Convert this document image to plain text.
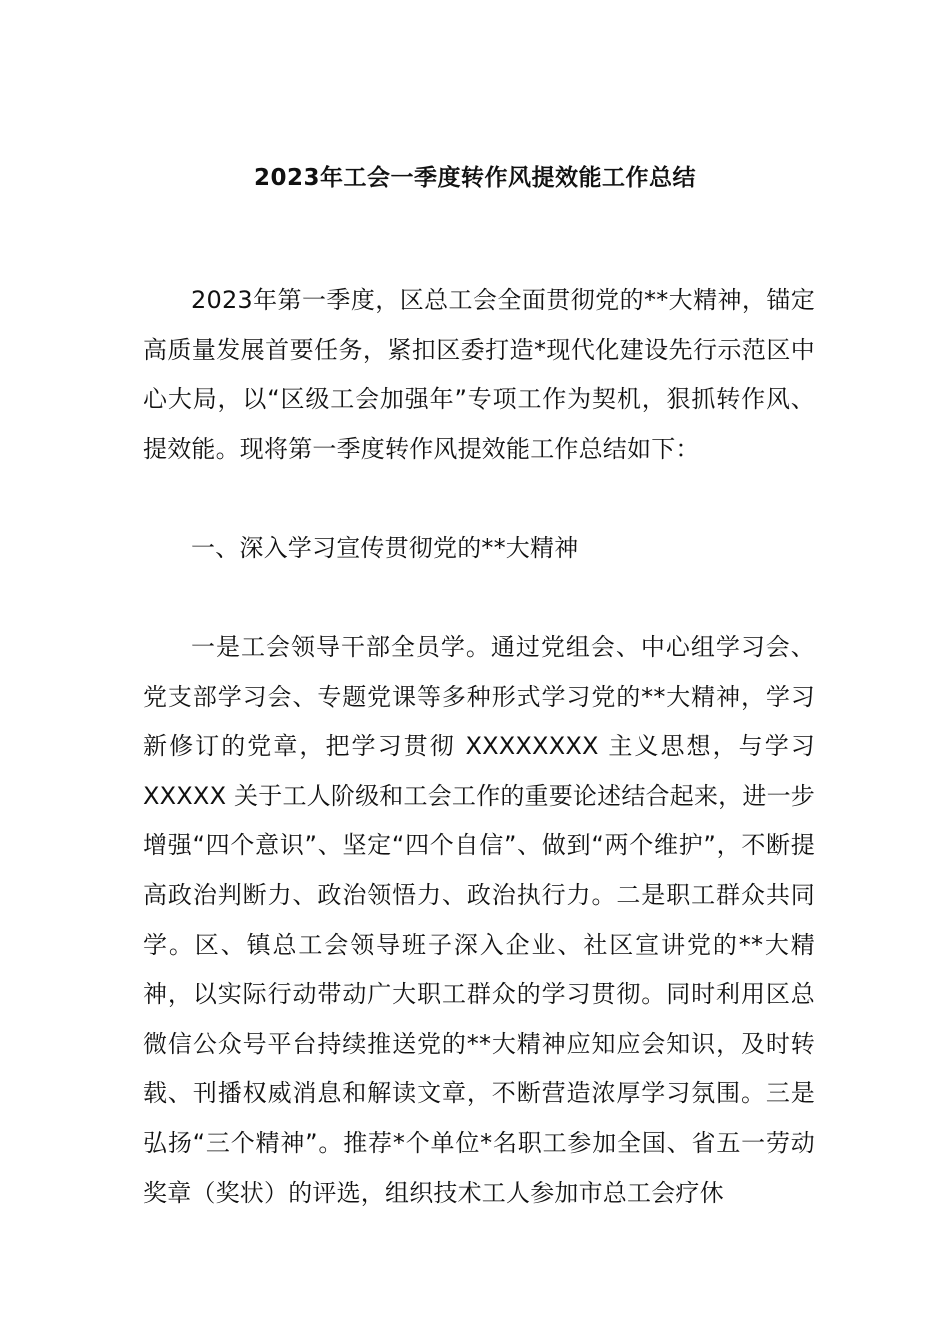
2023年工会一季度转作风提效能工作总结

2023年第一季度，区总工会全面贯彻党的**大精神，锚定高质量发展首要任务，紧扣区委打造*现代化建设先行示范区中心大局，以“区级工会加强年”专项工作为契机，狠抓转作风、提效能。现将第一季度转作风提效能工作总结如下：

一、深入学习宣传贯彻党的**大精神

一是工会领导干部全员学。通过党组会、中心组学习会、党支部学习会、专题党课等多种形式学习党的**大精神，学习新修订的党章，把学习贯彻 XXXXXXXX 主义思想，与学习 XXXXX 关于工人阶级和工会工作的重要论述结合起来，进一步增强“四个意识”、坚定“四个自信”、做到“两个维护”，不断提高政治判断力、政治领悟力、政治执行力。二是职工群众共同学。区、镇总工会领导班子深入企业、社区宣讲党的**大精神，以实际行动带动广大职工群众的学习贯彻。同时利用区总微信公众号平台持续推送党的**大精神应知应会知识，及时转载、刊播权威消息和解读文章，不断营造浓厚学习氛围。三是弘扬“三个精神”。推荐*个单位*名职工参加全国、省五一劳动奖章（奖状）的评选，组织技术工人参加市总工会疗休
